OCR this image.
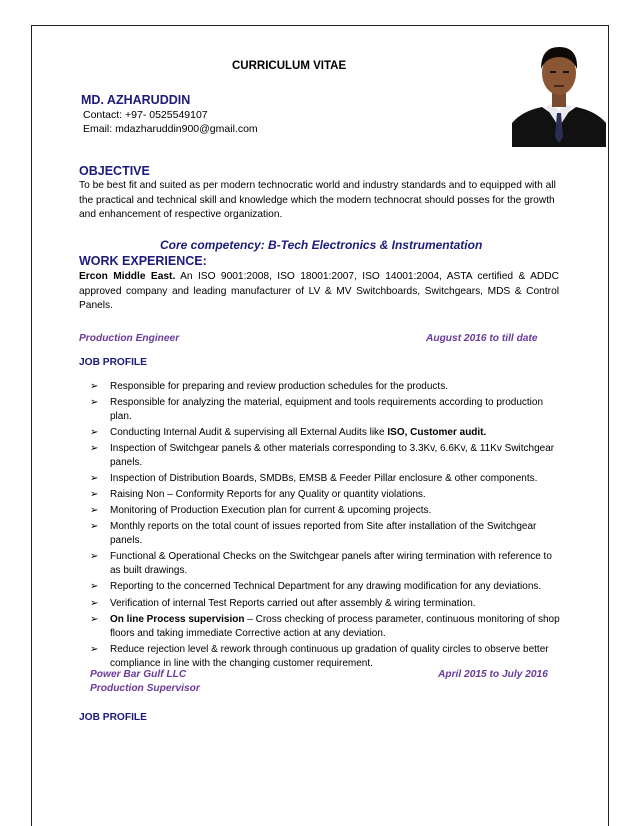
CURRICULUM VITAE
MD. AZHARUDDIN
Contact: +97- 0525549107
Email: mdazharuddin900@gmail.com
OBJECTIVE
To be best fit and suited as per modern technocratic world and industry standards and to equipped with all the practical and technical skill and knowledge which the modern technocrat should posses for the growth and enhancement of respective organization.
Core competency: B-Tech Electronics & Instrumentation
WORK EXPERIENCE:
Ercon Middle East. An ISO 9001:2008, ISO 18001:2007, ISO 14001:2004, ASTA certified & ADDC approved company and leading manufacturer of LV & MV Switchboards, Switchgears, MDS & Control Panels.
Production Engineer	August 2016 to till date
JOB PROFILE
➢ Responsible for preparing and review production schedules for the products.
➢ Responsible for analyzing the material, equipment and tools requirements according to production plan.
➢ Conducting Internal Audit & supervising all External Audits like ISO, Customer audit.
➢ Inspection of Switchgear panels & other materials corresponding to 3.3Kv, 6.6Kv, & 11Kv Switchgear panels.
➢ Inspection of Distribution Boards, SMDBs, EMSB & Feeder Pillar enclosure & other components.
➢ Raising Non – Conformity Reports for any Quality or quantity violations.
➢ Monitoring of Production Execution plan for current & upcoming projects.
➢ Monthly reports on the total count of issues reported from Site after installation of the Switchgear panels.
➢ Functional & Operational Checks on the Switchgear panels after wiring termination with reference to as built drawings.
➢ Reporting to the concerned Technical Department for any drawing modification for any deviations.
➢ Verification of internal Test Reports carried out after assembly & wiring termination.
➢ On line Process supervision – Cross checking of process parameter, continuous monitoring of shop floors and taking immediate Corrective action at any deviation.
➢ Reduce rejection level & rework through continuous up gradation of quality circles to observe better compliance in line with the changing customer requirement.
Power Bar Gulf LLC	April 2015 to July 2016
Production Supervisor
JOB PROFILE
